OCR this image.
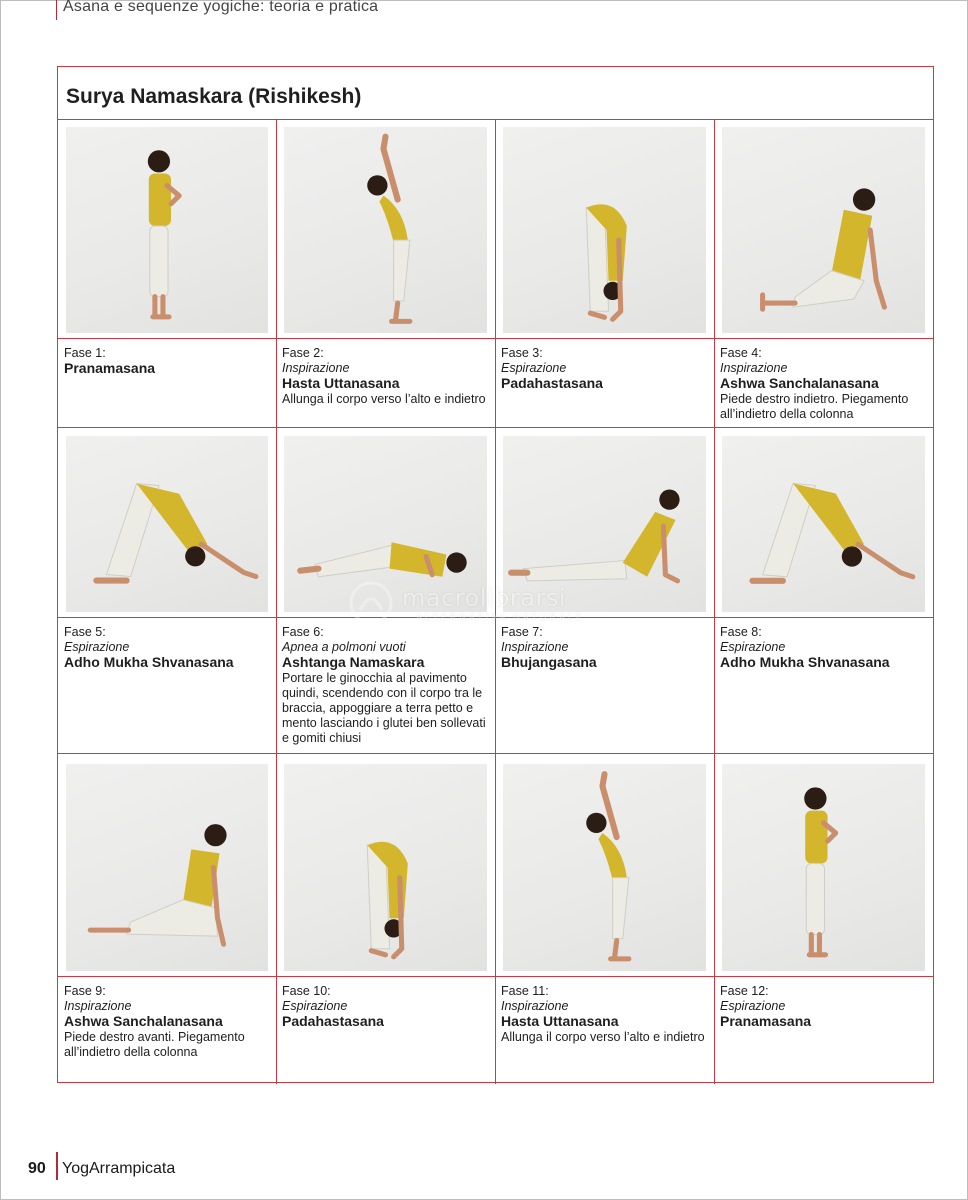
Asana e sequenze yogiche: teoria e pratica
Surya Namaskara (Rishikesh)
Fase 1:
Pranamasana
Fase 2:
Inspirazione
Hasta Uttanasana
Allunga il corpo verso l’alto e indietro
Fase 3:
Espirazione
Padahastasana
Fase 4:
Inspirazione
Ashwa Sanchalanasana
Piede destro indietro. Piegamento all’indietro della colonna
Fase 5:
Espirazione
Adho Mukha Shvanasana
Fase 6:
Apnea a polmoni vuoti
Ashtanga Namaskara
Portare le ginocchia al pavimento quindi, scendendo con il corpo tra le braccia, appoggiare a terra petto e mento lasciando i glutei ben sollevati e gomiti chiusi
Fase 7:
Inspirazione
Bhujangasana
Fase 8:
Espirazione
Adho Mukha Shvanasana
Fase 9:
Inspirazione
Ashwa Sanchalanasana
Piede destro avanti. Piegamento all’indietro della colonna
Fase 10:
Espirazione
Padahastasana
Fase 11:
Inspirazione
Hasta Uttanasana
Allunga il corpo verso l’alto e indietro
Fase 12:
Espirazione
Pranamasana
macrolibrarsi
ALTERNATIVA NATURALE
90 YogArrampicata
